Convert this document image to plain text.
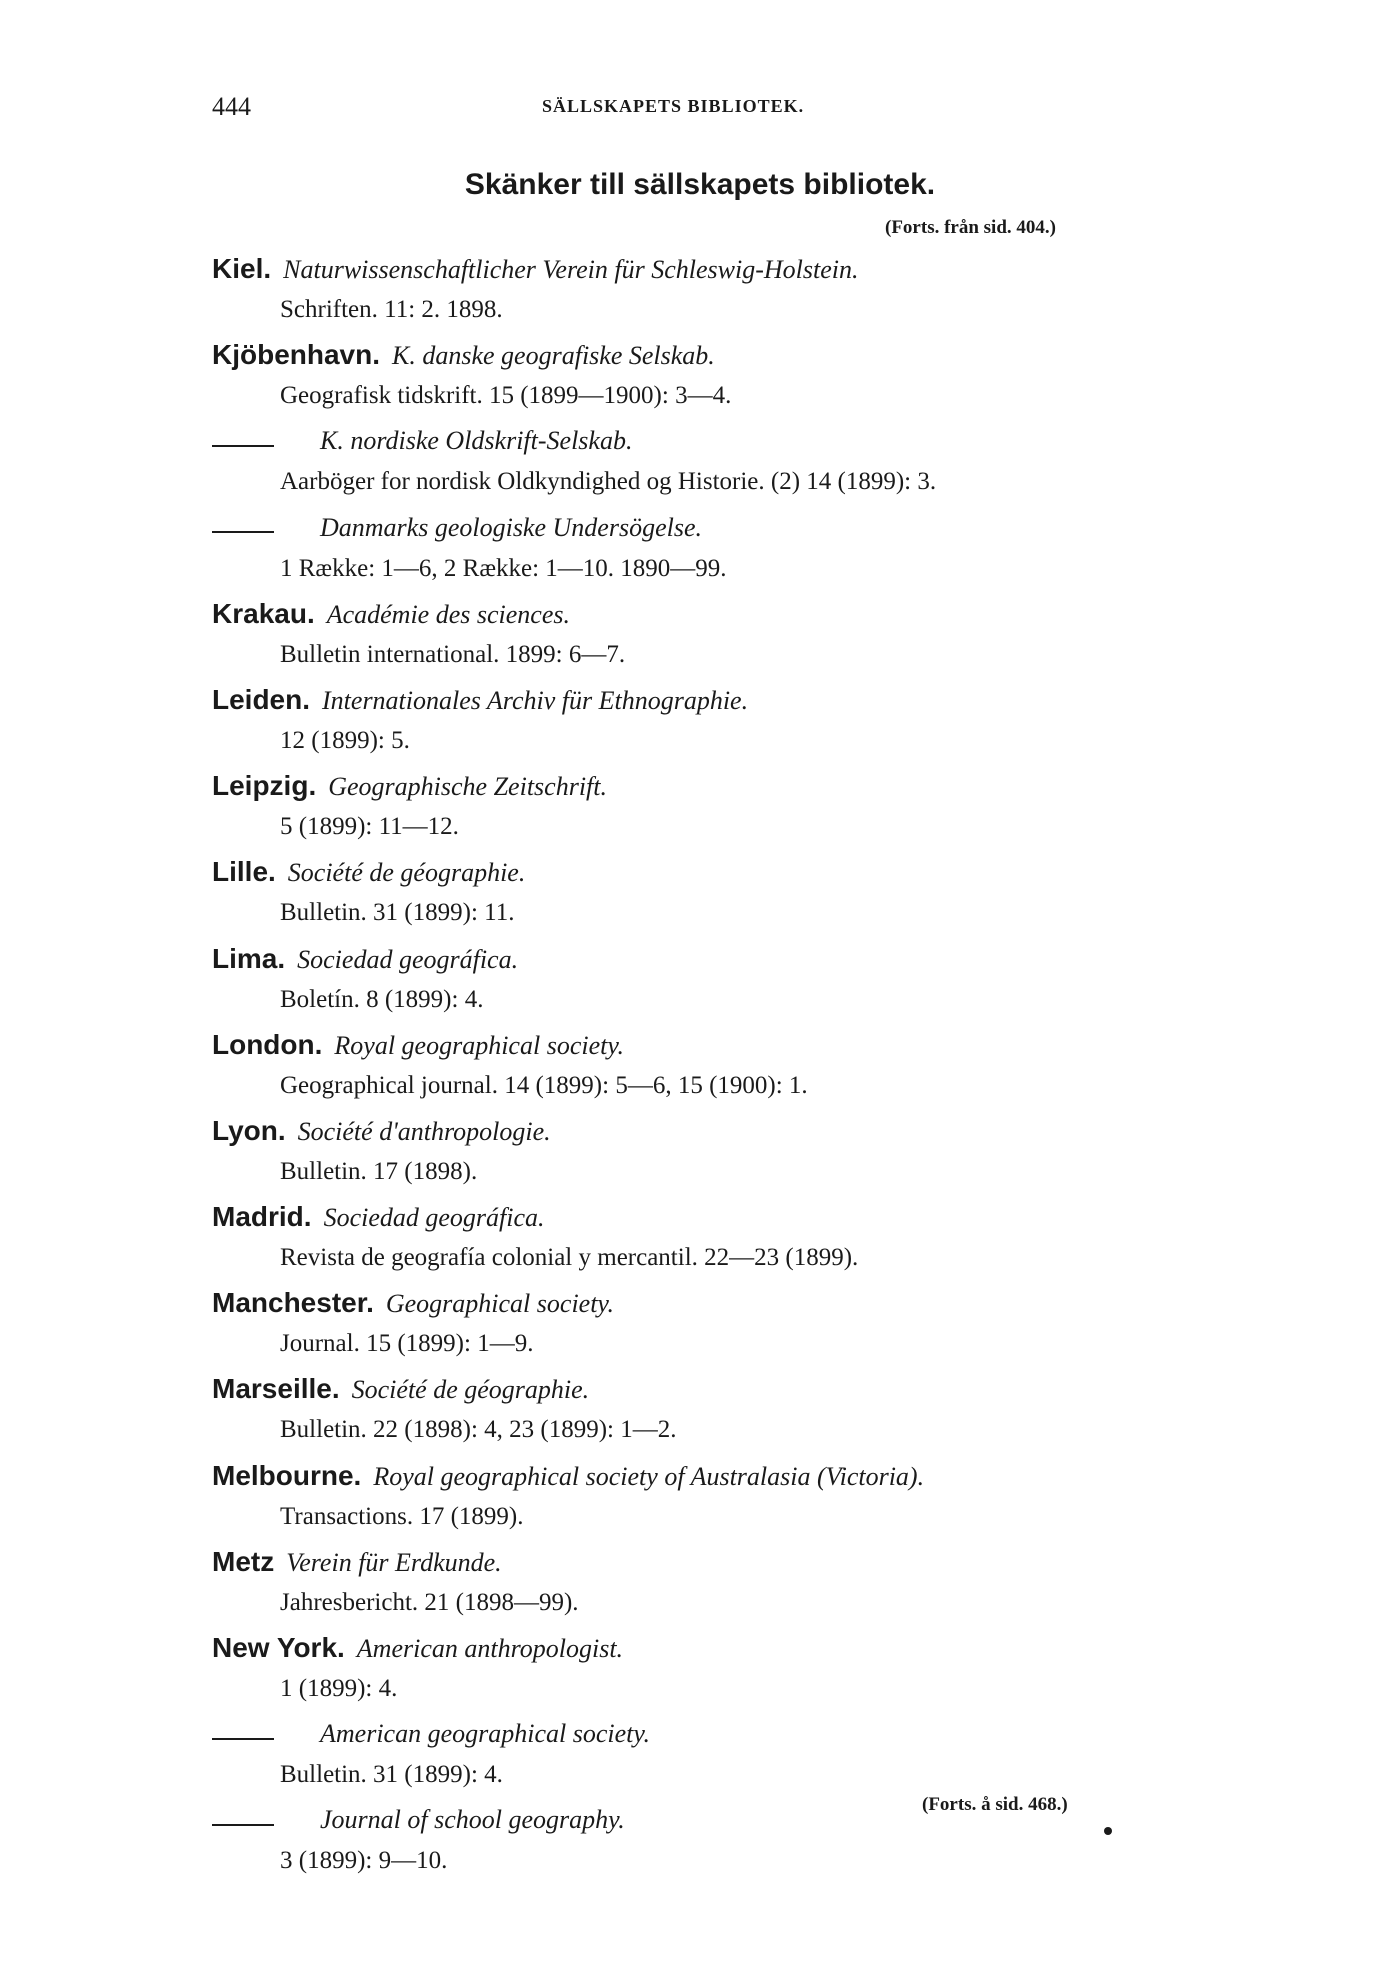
444	SÄLLSKAPETS BIBLIOTEK.
Skänker till sällskapets bibliotek.
(Forts. från sid. 404.)
Kiel. Naturwissenschaftlicher Verein für Schleswig-Holstein.
Schriften. 11: 2. 1898.
Kjöbenhavn. K. danske geografiske Selskab.
Geografisk tidskrift. 15 (1899—1900): 3—4.
K. nordiske Oldskrift-Selskab.
Aarböger for nordisk Oldkyndighed og Historie. (2) 14 (1899): 3.
Danmarks geologiske Undersögelse.
1 Række: 1—6, 2 Række: 1—10. 1890—99.
Krakau. Académie des sciences.
Bulletin international. 1899: 6—7.
Leiden. Internationales Archiv für Ethnographie.
12 (1899): 5.
Leipzig. Geographische Zeitschrift.
5 (1899): 11—12.
Lille. Société de géographie.
Bulletin. 31 (1899): 11.
Lima. Sociedad geográfica.
Boletín. 8 (1899): 4.
London. Royal geographical society.
Geographical journal. 14 (1899): 5—6, 15 (1900): 1.
Lyon. Société d'anthropologie.
Bulletin. 17 (1898).
Madrid. Sociedad geográfica.
Revista de geografía colonial y mercantil. 22—23 (1899).
Manchester. Geographical society.
Journal. 15 (1899): 1—9.
Marseille. Société de géographie.
Bulletin. 22 (1898): 4, 23 (1899): 1—2.
Melbourne. Royal geographical society of Australasia (Victoria).
Transactions. 17 (1899).
Metz Verein für Erdkunde.
Jahresbericht. 21 (1898—99).
New York. American anthropologist.
1 (1899): 4.
American geographical society.
Bulletin. 31 (1899): 4.
Journal of school geography.
3 (1899): 9—10.
(Forts. å sid. 468.)
